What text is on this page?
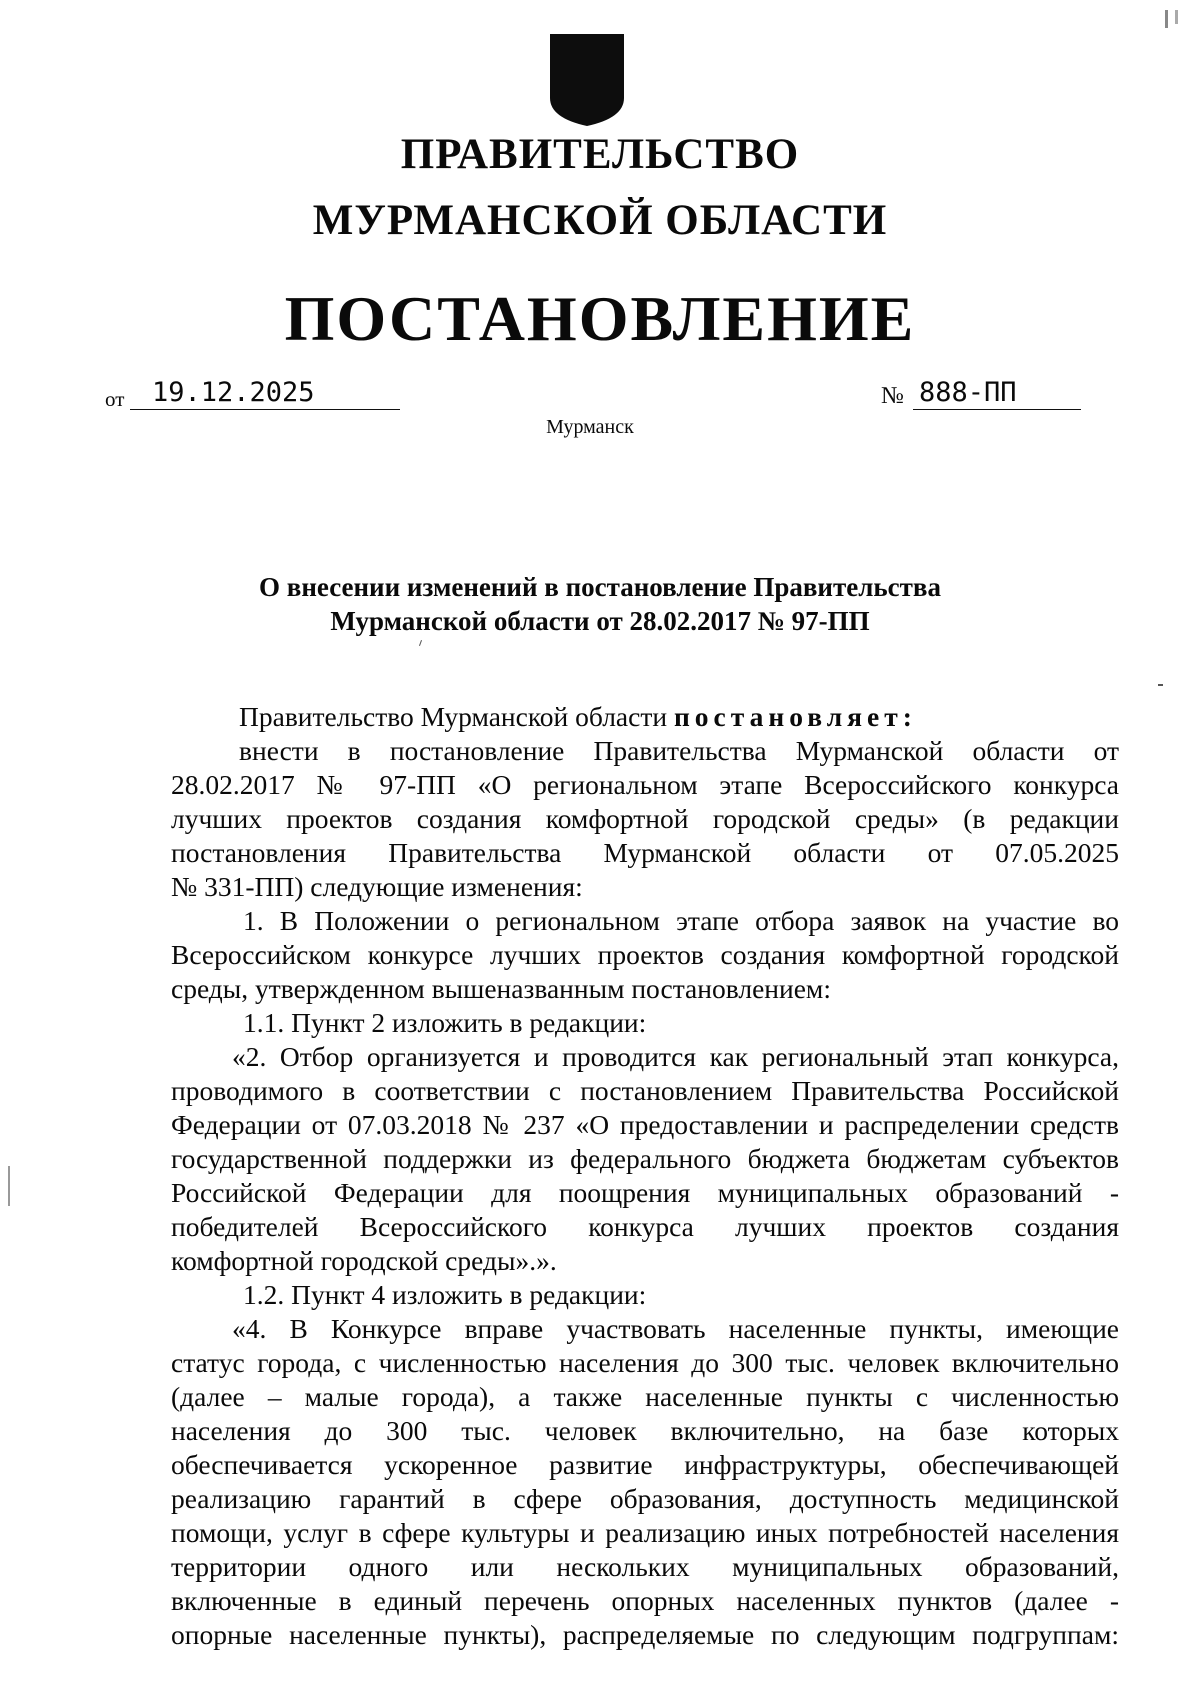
ПРАВИТЕЛЬСТВО
МУРМАНСКОЙ ОБЛАСТИ
ПОСТАНОВЛЕНИЕ
от	19.12.2025	№ 888-ПП
Мурманск
О внесении изменений в постановление Правительства
Мурманской области от 28.02.2017 № 97-ПП
Правительство Мурманской области постановляет:
внести в постановление Правительства Мурманской области от
28.02.2017 № 97-ПП «О региональном этапе Всероссийского конкурса
лучших проектов создания комфортной городской среды» (в редакции
постановления Правительства Мурманской области от 07.05.2025
№ 331-ПП) следующие изменения:
1. В Положении о региональном этапе отбора заявок на участие во
Всероссийском конкурсе лучших проектов создания комфортной городской
среды, утвержденном вышеназванным постановлением:
1.1. Пункт 2 изложить в редакции:
«2. Отбор организуется и проводится как региональный этап конкурса,
проводимого в соответствии с постановлением Правительства Российской
Федерации от 07.03.2018 № 237 «О предоставлении и распределении средств
государственной поддержки из федерального бюджета бюджетам субъектов
Российской Федерации для поощрения муниципальных образований -
победителей Всероссийского конкурса лучших проектов создания
комфортной городской среды».».
1.2. Пункт 4 изложить в редакции:
«4. В Конкурсе вправе участвовать населенные пункты, имеющие
статус города, с численностью населения до 300 тыс. человек включительно
(далее – малые города), а также населенные пункты с численностью
населения до 300 тыс. человек включительно, на базе которых
обеспечивается ускоренное развитие инфраструктуры, обеспечивающей
реализацию гарантий в сфере образования, доступность медицинской
помощи, услуг в сфере культуры и реализацию иных потребностей населения
территории одного или нескольких муниципальных образований,
включенные в единый перечень опорных населенных пунктов (далее -
опорные населенные пункты), распределяемые по следующим подгруппам:
